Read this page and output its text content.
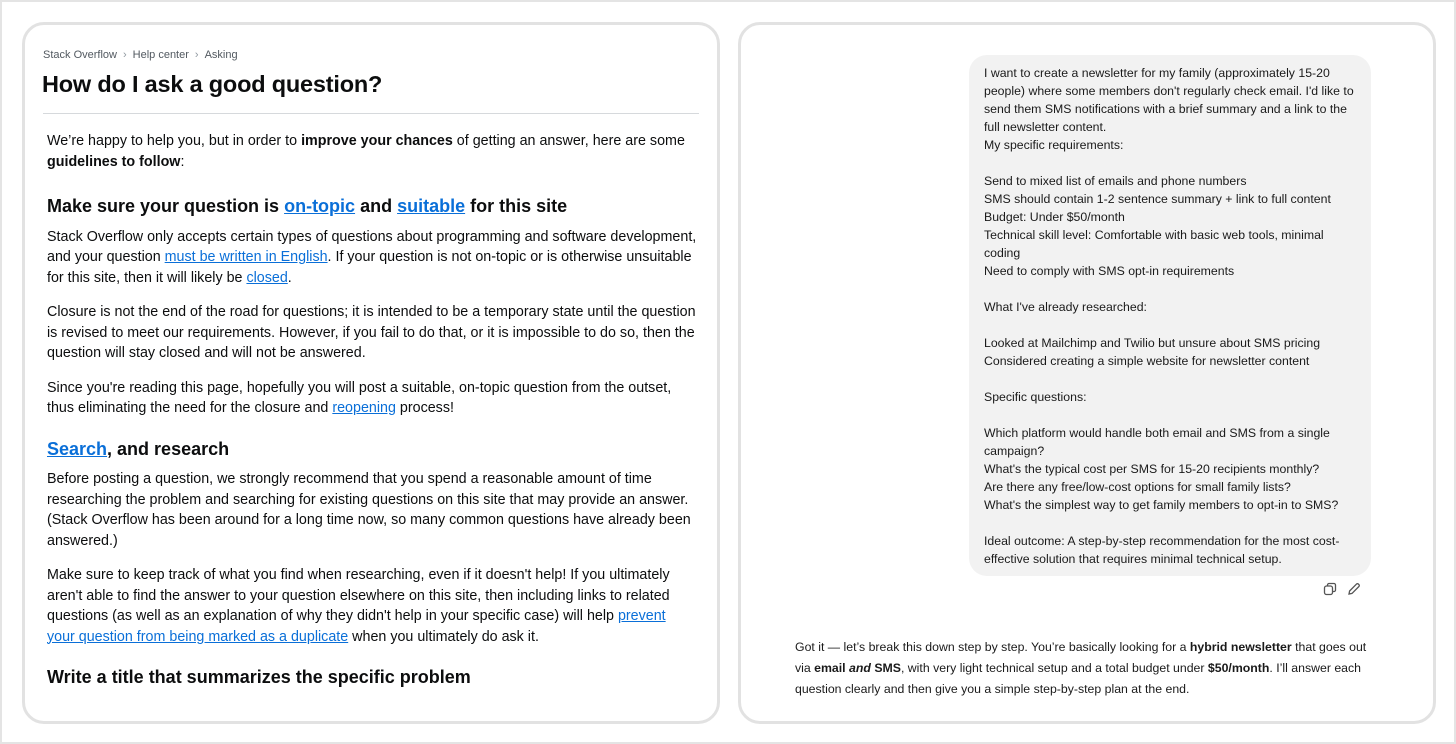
Stack Overflow › Help center › Asking
How do I ask a good question?

We’re happy to help you, but in order to improve your chances of getting an answer, here are some guidelines to follow:

Make sure your question is on-topic and suitable for this site

Stack Overflow only accepts certain types of questions about programming and software development, and your question must be written in English. If your question is not on-topic or is otherwise unsuitable for this site, then it will likely be closed.

Closure is not the end of the road for questions; it is intended to be a temporary state until the question is revised to meet our requirements. However, if you fail to do that, or it is impossible to do so, then the question will stay closed and will not be answered.

Since you're reading this page, hopefully you will post a suitable, on-topic question from the outset, thus eliminating the need for the closure and reopening process!

Search, and research

Before posting a question, we strongly recommend that you spend a reasonable amount of time researching the problem and searching for existing questions on this site that may provide an answer. (Stack Overflow has been around for a long time now, so many common questions have already been answered.)

Make sure to keep track of what you find when researching, even if it doesn't help! If you ultimately aren't able to find the answer to your question elsewhere on this site, then including links to related questions (as well as an explanation of why they didn't help in your specific case) will help prevent your question from being marked as a duplicate when you ultimately do ask it.

Write a title that summarizes the specific problem
I want to create a newsletter for my family (approximately 15-20 people) where some members don't regularly check email. I'd like to send them SMS notifications with a brief summary and a link to the full newsletter content.
My specific requirements:
Send to mixed list of emails and phone numbers
SMS should contain 1-2 sentence summary + link to full content
Budget: Under $50/month
Technical skill level: Comfortable with basic web tools, minimal coding
Need to comply with SMS opt-in requirements
What I've already researched:
Looked at Mailchimp and Twilio but unsure about SMS pricing
Considered creating a simple website for newsletter content
Specific questions:
Which platform would handle both email and SMS from a single campaign?
What's the typical cost per SMS for 15-20 recipients monthly?
Are there any free/low-cost options for small family lists?
What's the simplest way to get family members to opt-in to SMS?
Ideal outcome: A step-by-step recommendation for the most cost-effective solution that requires minimal technical setup.
Got it — let’s break this down step by step. You’re basically looking for a hybrid newsletter that goes out via email and SMS, with very light technical setup and a total budget under $50/month. I’ll answer each question clearly and then give you a simple step-by-step plan at the end.
